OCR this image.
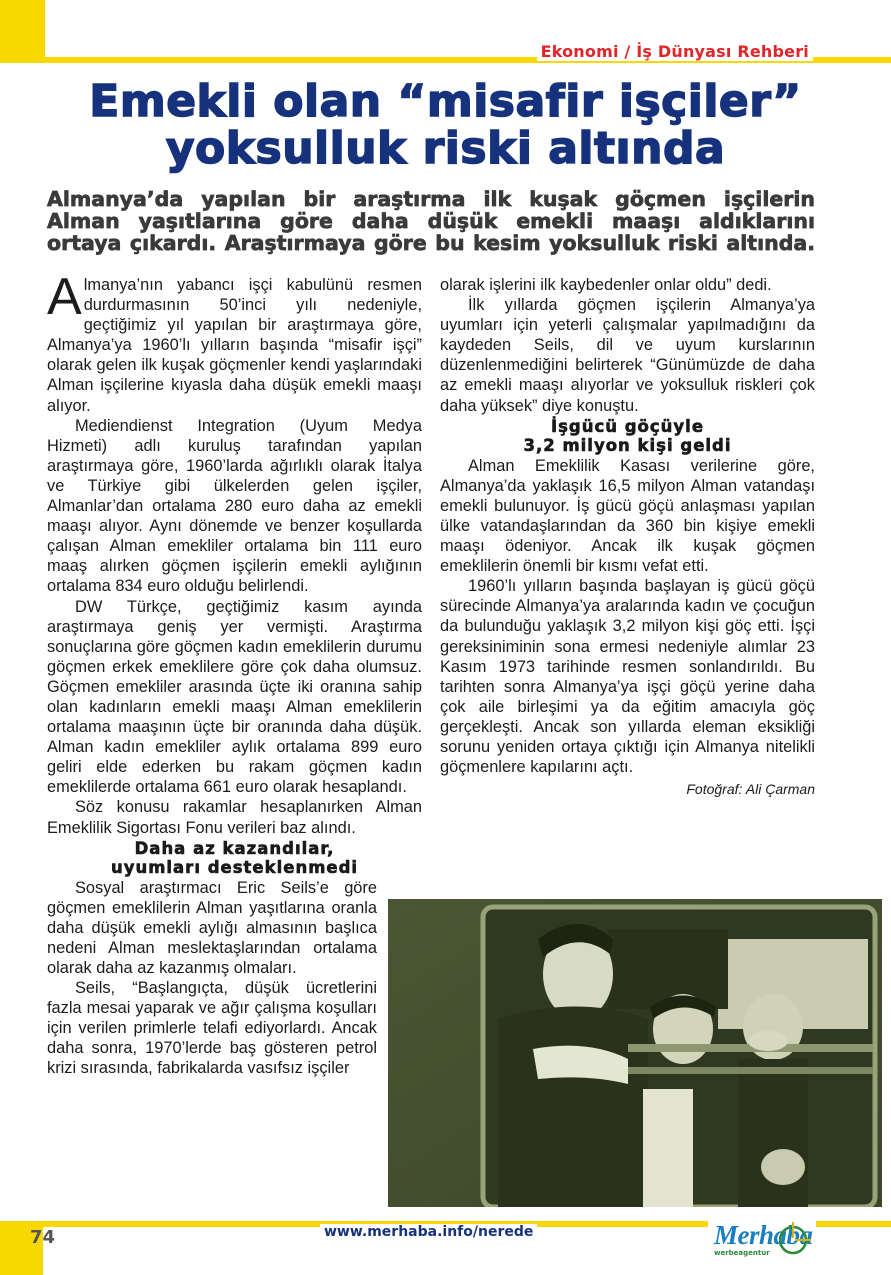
Ekonomi / İş Dünyası Rehberi
Emekli olan “misafir işçiler”
yoksulluk riski altında
Almanya’da yapılan bir araştırma ilk kuşak göçmen işçilerin
Alman yaşıtlarına göre daha düşük emekli maaşı aldıklarını
ortaya çıkardı. Araştırmaya göre bu kesim yoksulluk riski altında.

Almanya’nın yabancı işçi kabulünü resmen durdurmasının 50’inci yılı nedeniyle, geçtiğimiz yıl yapılan bir araştırmaya göre, Almanya’ya 1960’lı yılların başında “misafir işçi” olarak gelen ilk kuşak göçmenler kendi yaşlarındaki Alman işçilerine kıyasla daha düşük emekli maaşı alıyor.

Mediendienst Integration (Uyum Medya Hizmeti) adlı kuruluş tarafından yapılan araştırmaya göre, 1960’larda ağırlıklı olarak İtalya ve Türkiye gibi ülkelerden gelen işçiler, Almanlar’dan ortalama 280 euro daha az emekli maaşı alıyor. Aynı dönemde ve benzer koşullarda çalışan Alman emekliler ortalama bin 111 euro maaş alırken göçmen işçilerin emekli aylığının ortalama 834 euro olduğu belirlendi.

DW Türkçe, geçtiğimiz kasım ayında araştırmaya geniş yer vermişti. Araştırma sonuçlarına göre göçmen kadın emeklilerin durumu göçmen erkek emeklilere göre çok daha olumsuz. Göçmen emekliler arasında üçte iki oranına sahip olan kadınların emekli maaşı Alman emeklilerin ortalama maaşının üçte bir oranında daha düşük. Alman kadın emekliler aylık ortalama 899 euro geliri elde ederken bu rakam göçmen kadın emeklilerde ortalama 661 euro olarak hesaplandı.

Söz konusu rakamlar hesaplanırken Alman Emeklilik Sigortası Fonu verileri baz alındı.

Daha az kazandılar,
uyumları desteklenmedi

Sosyal araştırmacı Eric Seils’e göre göçmen emeklilerin Alman yaşıtlarına oranla daha düşük emekli aylığı almasının başlıca nedeni Alman meslektaşlarından ortalama olarak daha az kazanmış olmaları.

Seils, “Başlangıçta, düşük ücretlerini fazla mesai yaparak ve ağır çalışma koşulları için verilen primlerle telafi ediyorlardı. Ancak daha sonra, 1970’lerde baş gösteren petrol krizi sırasında, fabrikalarda vasıfsız işçiler

olarak işlerini ilk kaybedenler onlar oldu” dedi.

İlk yıllarda göçmen işçilerin Almanya’ya uyumları için yeterli çalışmalar yapılmadığını da kaydeden Seils, dil ve uyum kurslarının düzenlenmediğini belirterek “Günümüzde de daha az emekli maaşı alıyorlar ve yoksulluk riskleri çok daha yüksek” diye konuştu.

İşgücü göçüyle
3,2 milyon kişi geldi

Alman Emeklilik Kasası verilerine göre, Almanya’da yaklaşık 16,5 milyon Alman vatandaşı emekli bulunuyor. İş gücü göçü anlaşması yapılan ülke vatandaşlarından da 360 bin kişiye emekli maaşı ödeniyor. Ancak ilk kuşak göçmen emeklilerin önemli bir kısmı vefat etti.

1960’lı yılların başında başlayan iş gücü göçü sürecinde Almanya’ya aralarında kadın ve çocuğun da bulunduğu yaklaşık 3,2 milyon kişi göç etti. İşçi gereksiniminin sona ermesi nedeniyle alımlar 23 Kasım 1973 tarihinde resmen sonlandırıldı. Bu tarihten sonra Almanya’ya işçi göçü yerine daha çok aile birleşimi ya da eğitim amacıyla göç gerçekleşti. Ancak son yıllarda eleman eksikliği sorunu yeniden ortaya çıktığı için Almanya nitelikli göçmenlere kapılarını açtı.

Fotoğraf: Ali Çarman
74	www.merhaba.info/nerede	Merhaba
werbeagentur
